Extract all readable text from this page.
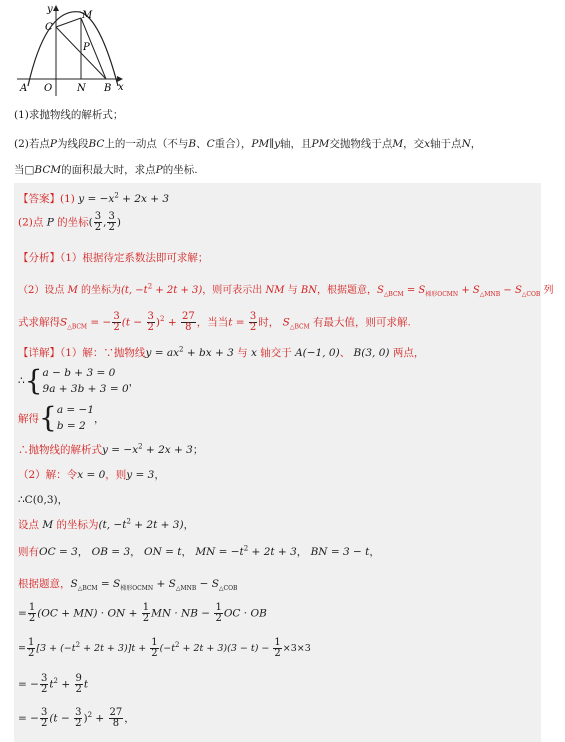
y
x
C
M
P
A O N B
(1)求抛物线的解析式；
(2)若点P为线段BC上的一动点（不与B、C重合），PM∥y轴，且PM交抛物线于点M，交x轴于点N，
当□BCM的面积最大时，求点P的坐标.
【答案】(1) $y = -x^2 + 2x + 3$
(2)点 P 的坐标( $\frac{3}{2}$ , $\frac{3}{2}$ )
【分析】（1）根据待定系数法即可求解；
（2）设点 M 的坐标为(t, $-t^2 + 2t + 3$)，则可表示出 NM 与 BN，根据题意，$S_{\triangle BCM} = S_{梯形OCMN} + S_{\triangle MNB} - S_{\triangle COB}$ 列
式求解得$S_{\triangle BCM}$ = − $\frac{3}{2} (t - \frac{3}{2} )^2 + \frac{27}{8}$ ，当当$t = \frac{3}{2}$ 时， $S_{\triangle BCM}$ 有最大值，则可求解.
【详解】（1）解：∵抛物线$y = ax^2$ + bx + 3 与 x 轴交于 A(−1, 0)、 B(3, 0) 两点，
∴ { a − b + 3 = 0
9a + 3b + 3 = 0
，
解得 { a = −1
b = 2
，
∴抛物线的解析式$y = -x^2 + 2x + 3$；
（2）解：令x = 0，则y = 3，
∴C(0,3)，
设点 M 的坐标为(t, $-t^2 + 2t + 3$)，
则有OC = 3， OB = 3， ON = t， MN = $-t^2 + 2t + 3$， BN = 3 − t，
根据题意，$S_{\triangle BCM} = S_{梯形OCMN} + S_{\triangle MNB} - S_{\triangle COB}$
= $\frac{1}{2} (OC + MN)$ · ON + $\frac{1}{2}$ MN · NB − $\frac{1}{2}$ OC · OB
= $\frac{1}{2} [3 + (-t^2 + 2t + 3)]t + \frac{1}{2} (-t^2 + 2t + 3)(3 - t) - \frac{1}{2} \times 3\times 3$
= − $\frac{3}{2} t^2 + \frac{9}{2}$ t
= − $\frac{3}{2} (t - \frac{3}{2} )^2 + \frac{27}{8}$ ，
